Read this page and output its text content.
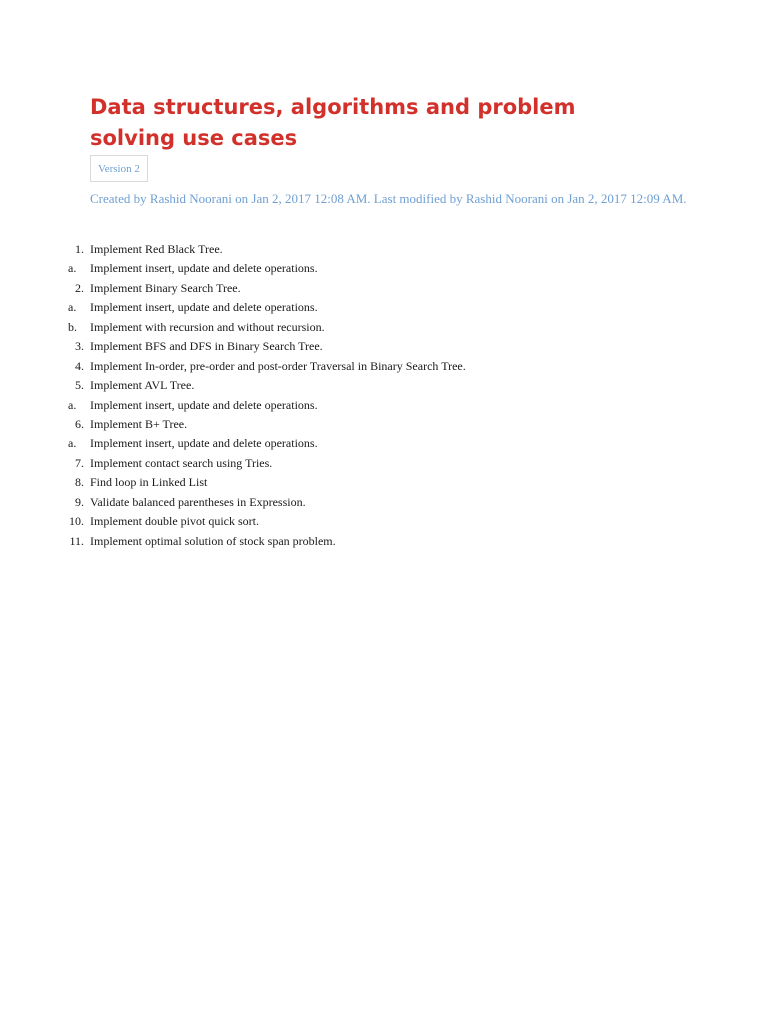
Data structures, algorithms and problem
solving use cases
Version 2
Created by Rashid Noorani on Jan 2, 2017 12:08 AM. Last modified by Rashid Noorani on Jan 2, 2017 12:09 AM.
1. Implement Red Black Tree.
a.	Implement insert, update and delete operations.
2. Implement Binary Search Tree.
a.	Implement insert, update and delete operations.
b.	Implement with recursion and without recursion.
3. Implement BFS and DFS in Binary Search Tree.
4. Implement In-order, pre-order and post-order Traversal in Binary Search Tree.
5. Implement AVL Tree.
a.	Implement insert, update and delete operations.
6. Implement B+ Tree.
a.	Implement insert, update and delete operations.
7. Implement contact search using Tries.
8. Find loop in Linked List
9. Validate balanced parentheses in Expression.
10. Implement double pivot quick sort.
11. Implement optimal solution of stock span problem.
